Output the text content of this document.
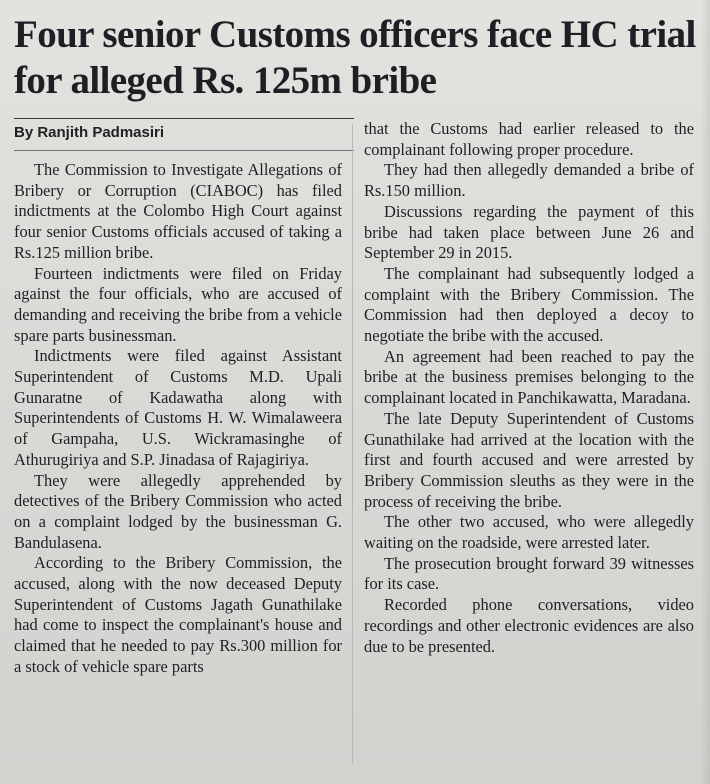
Four senior Customs officers face HC trial for alleged Rs. 125m bribe
By Ranjith Padmasiri

The Commission to Investigate Allegations of Bribery or Corruption (CIABOC) has filed indictments at the Colombo High Court against four senior Customs officials accused of taking a Rs.125 million bribe.

Fourteen indictments were filed on Friday against the four officials, who are accused of demanding and receiving the bribe from a vehicle spare parts businessman.

Indictments were filed against Assistant Superintendent of Customs M.D. Upali Gunaratne of Kadawatha along with Superintendents of Customs H. W. Wimalaweera of Gampaha, U.S. Wickramasinghe of Athurugiriya and S.P. Jinadasa of Rajagiriya.

They were allegedly apprehended by detectives of the Bribery Commission who acted on a complaint lodged by the businessman G. Bandulasena.

According to the Bribery Commission, the accused, along with the now deceased Deputy Superintendent of Customs Jagath Gunathilake had come to inspect the complainant's house and claimed that he needed to pay Rs.300 million for a stock of vehicle spare parts

that the Customs had earlier released to the complainant following proper procedure.

They had then allegedly demanded a bribe of Rs.150 million.

Discussions regarding the payment of this bribe had taken place between June 26 and September 29 in 2015.

The complainant had subsequently lodged a complaint with the Bribery Commission. The Commission had then deployed a decoy to negotiate the bribe with the accused.

An agreement had been reached to pay the bribe at the business premises belonging to the complainant located in Panchikawatta, Maradana.

The late Deputy Superintendent of Customs Gunathilake had arrived at the location with the first and fourth accused and were arrested by Bribery Commission sleuths as they were in the process of receiving the bribe.

The other two accused, who were allegedly waiting on the roadside, were arrested later.

The prosecution brought forward 39 witnesses for its case.

Recorded phone conversations, video recordings and other electronic evidences are also due to be presented.
